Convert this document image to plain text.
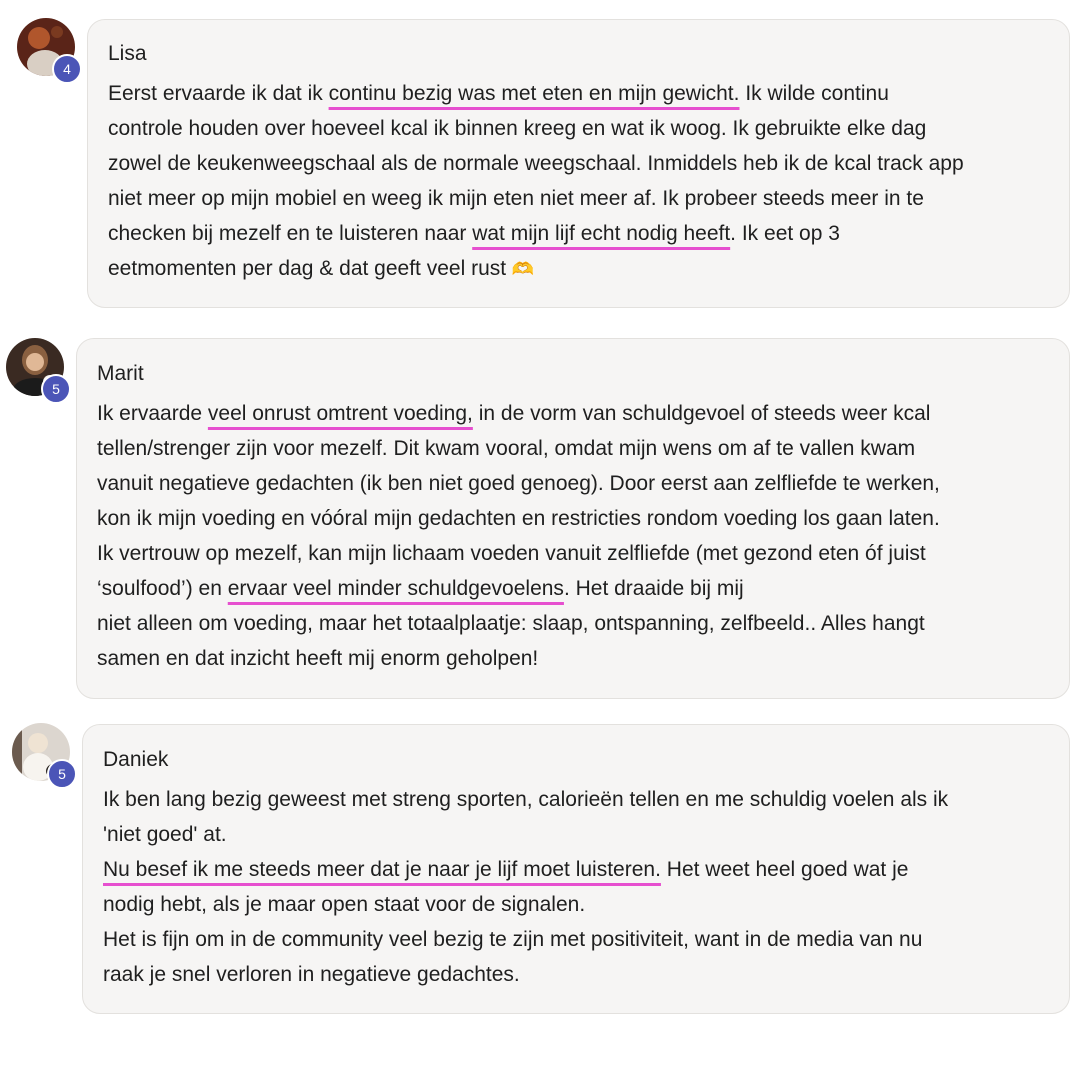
4
Lisa
Eerst ervaarde ik dat ik continu bezig was met eten en mijn gewicht. Ik wilde continu
controle houden over hoeveel kcal ik binnen kreeg en wat ik woog. Ik gebruikte elke dag
zowel de keukenweegschaal als de normale weegschaal. Inmiddels heb ik de kcal track app
niet meer op mijn mobiel en weeg ik mijn eten niet meer af. Ik probeer steeds meer in te
checken bij mezelf en te luisteren naar wat mijn lijf echt nodig heeft. Ik eet op 3
eetmomenten per dag & dat geeft veel rust 🫶
5
Marit
Ik ervaarde veel onrust omtrent voeding, in de vorm van schuldgevoel of steeds weer kcal
tellen/strenger zijn voor mezelf. Dit kwam vooral, omdat mijn wens om af te vallen kwam
vanuit negatieve gedachten (ik ben niet goed genoeg). Door eerst aan zelfliefde te werken,
kon ik mijn voeding en vóóral mijn gedachten en restricties rondom voeding los gaan laten.
Ik vertrouw op mezelf, kan mijn lichaam voeden vanuit zelfliefde (met gezond eten óf juist
‘soulfood’) en ervaar veel minder schuldgevoelens. Het draaide bij mij
niet alleen om voeding, maar het totaalplaatje: slaap, ontspanning, zelfbeeld.. Alles hangt
samen en dat inzicht heeft mij enorm geholpen!
5
Daniek
Ik ben lang bezig geweest met streng sporten, calorieën tellen en me schuldig voelen als ik
'niet goed' at.
Nu besef ik me steeds meer dat je naar je lijf moet luisteren. Het weet heel goed wat je
nodig hebt, als je maar open staat voor de signalen.
Het is fijn om in de community veel bezig te zijn met positiviteit, want in de media van nu
raak je snel verloren in negatieve gedachtes.
